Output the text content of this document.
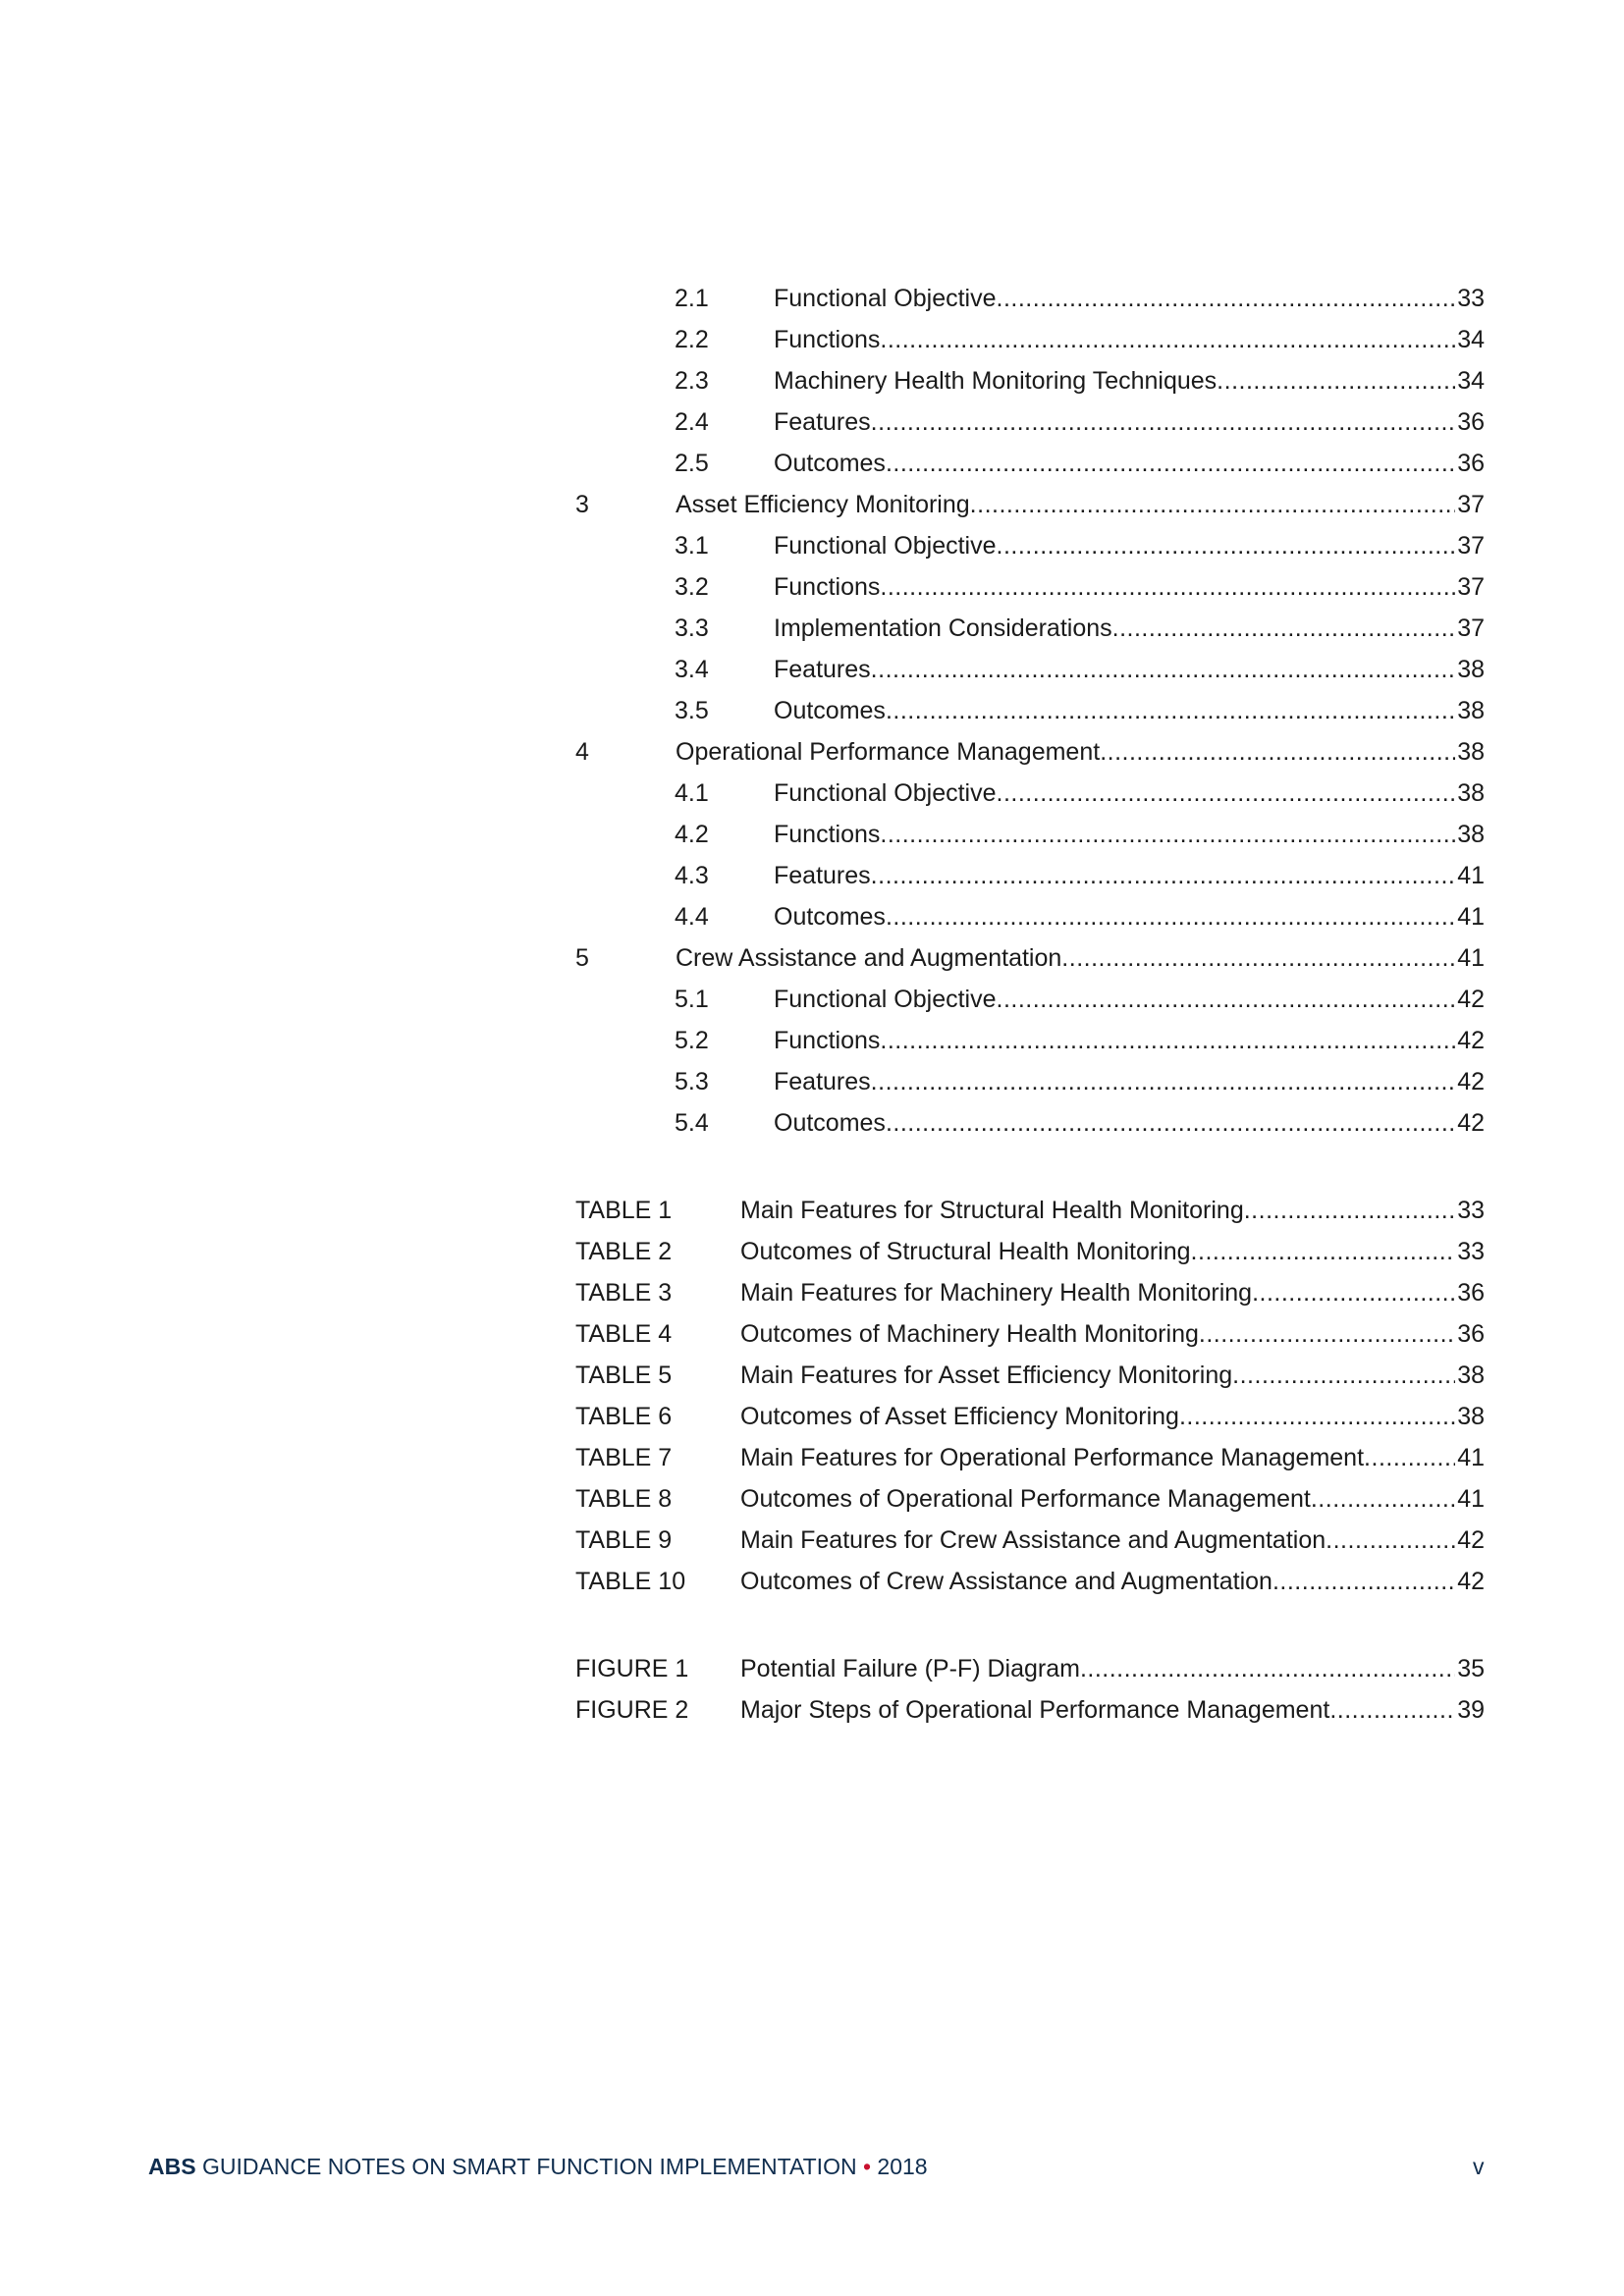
2.1	Functional Objective .....	33
2.2	Functions .....	34
2.3	Machinery Health Monitoring Techniques .....	34
2.4	Features .....	36
2.5	Outcomes .....	36
3	Asset Efficiency Monitoring .....	37
3.1	Functional Objective .....	37
3.2	Functions .....	37
3.3	Implementation Considerations .....	37
3.4	Features .....	38
3.5	Outcomes .....	38
4	Operational Performance Management .....	38
4.1	Functional Objective .....	38
4.2	Functions .....	38
4.3	Features .....	41
4.4	Outcomes .....	41
5	Crew Assistance and Augmentation .....	41
5.1	Functional Objective .....	42
5.2	Functions .....	42
5.3	Features .....	42
5.4	Outcomes .....	42
TABLE 1	Main Features for Structural Health Monitoring .....	33
TABLE 2	Outcomes of Structural Health Monitoring .....	33
TABLE 3	Main Features for Machinery Health Monitoring .....	36
TABLE 4	Outcomes of Machinery Health Monitoring .....	36
TABLE 5	Main Features for Asset Efficiency Monitoring .....	38
TABLE 6	Outcomes of Asset Efficiency Monitoring .....	38
TABLE 7	Main Features for Operational Performance Management .....	41
TABLE 8	Outcomes of Operational Performance Management .....	41
TABLE 9	Main Features for Crew Assistance and Augmentation .....	42
TABLE 10 Outcomes of Crew Assistance and Augmentation .....	42
FIGURE 1 Potential Failure (P-F) Diagram .....	35
FIGURE 2 Major Steps of Operational Performance Management .....	39
ABS GUIDANCE NOTES ON SMART FUNCTION IMPLEMENTATION • 2018	v
